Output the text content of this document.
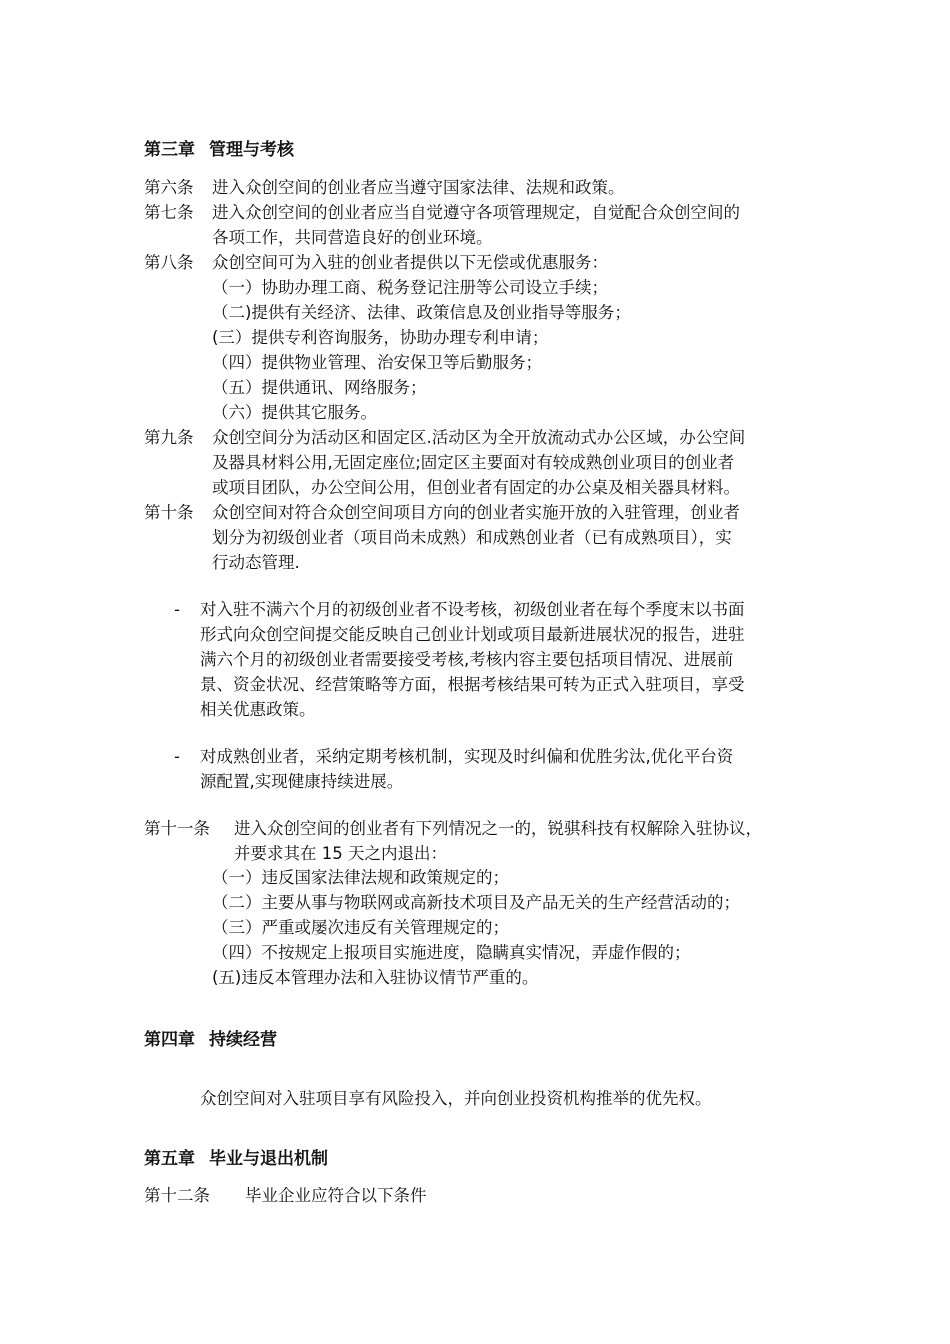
第三章 管理与考核
第六条 进入众创空间的创业者应当遵守国家法律、法规和政策。
第七条 进入众创空间的创业者应当自觉遵守各项管理规定，自觉配合众创空间的
各项工作，共同营造良好的创业环境。
第八条 众创空间可为入驻的创业者提供以下无偿或优惠服务：
（一）协助办理工商、税务登记注册等公司设立手续；
（二)提供有关经济、法律、政策信息及创业指导等服务；
(三）提供专利咨询服务，协助办理专利申请；
（四）提供物业管理、治安保卫等后勤服务；
（五）提供通讯、网络服务；
（六）提供其它服务。
第九条 众创空间分为活动区和固定区.活动区为全开放流动式办公区域，办公空间
及器具材料公用,无固定座位;固定区主要面对有较成熟创业项目的创业者
或项目团队，办公空间公用，但创业者有固定的办公桌及相关器具材料。
第十条 众创空间对符合众创空间项目方向的创业者实施开放的入驻管理，创业者
划分为初级创业者（项目尚未成熟）和成熟创业者（已有成熟项目），实
行动态管理.
- 对入驻不满六个月的初级创业者不设考核，初级创业者在每个季度末以书面
形式向众创空间提交能反映自己创业计划或项目最新进展状况的报告，进驻
满六个月的初级创业者需要接受考核,考核内容主要包括项目情况、进展前
景、资金状况、经营策略等方面，根据考核结果可转为正式入驻项目，享受
相关优惠政策。
- 对成熟创业者，采纳定期考核机制，实现及时纠偏和优胜劣汰,优化平台资
源配置,实现健康持续进展。
第十一条 进入众创空间的创业者有下列情况之一的，锐骐科技有权解除入驻协议，
并要求其在 15 天之内退出：
（一）违反国家法律法规和政策规定的；
（二）主要从事与物联网或高新技术项目及产品无关的生产经营活动的；
（三）严重或屡次违反有关管理规定的；
（四）不按规定上报项目实施进度，隐瞒真实情况，弄虚作假的；
(五)违反本管理办法和入驻协议情节严重的。
第四章 持续经营
众创空间对入驻项目享有风险投入，并向创业投资机构推举的优先权。
第五章 毕业与退出机制
第十二条 毕业企业应符合以下条件
